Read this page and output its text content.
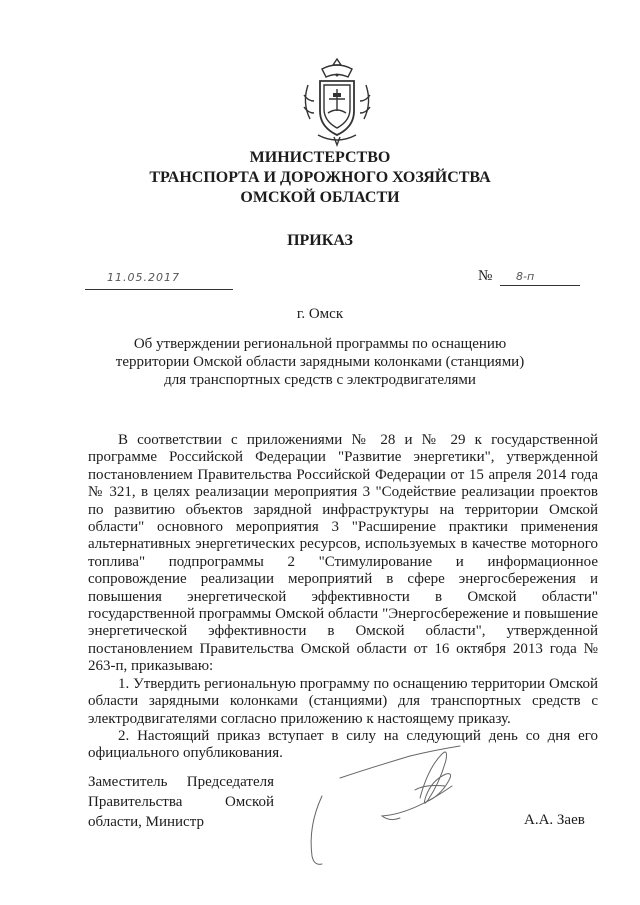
МИНИСТЕРСТВО
ТРАНСПОРТА И ДОРОЖНОГО ХОЗЯЙСТВА
ОМСКОЙ ОБЛАСТИ
ПРИКАЗ
11.05.2017	№ 8-п
г. Омск
Об утверждении региональной программы по оснащению территории Омской области зарядными колонками (станциями) для транспортных средств с электродвигателями

В соответствии с приложениями № 28 и № 29 к государственной программе Российской Федерации "Развитие энергетики", утвержденной постановлением Правительства Российской Федерации от 15 апреля 2014 года № 321, в целях реализации мероприятия 3 "Содействие реализации проектов по развитию объектов зарядной инфраструктуры на территории Омской области" основного мероприятия 3 "Расширение практики применения альтернативных энергетических ресурсов, используемых в качестве моторного топлива" подпрограммы 2 "Стимулирование и информационное сопровождение реализации мероприятий в сфере энергосбережения и повышения энергетической эффективности в Омской области" государственной программы Омской области "Энергосбережение и повышение энергетической эффективности в Омской области", утвержденной постановлением Правительства Омской области от 16 октября 2013 года № 263-п, приказываю:

1. Утвердить региональную программу по оснащению территории Омской области зарядными колонками (станциями) для транспортных средств с электродвигателями согласно приложению к настоящему приказу.

2. Настоящий приказ вступает в силу на следующий день со дня его официального опубликования.

Заместитель Председателя
Правительства Омской
области, Министр	А.А. Заев
